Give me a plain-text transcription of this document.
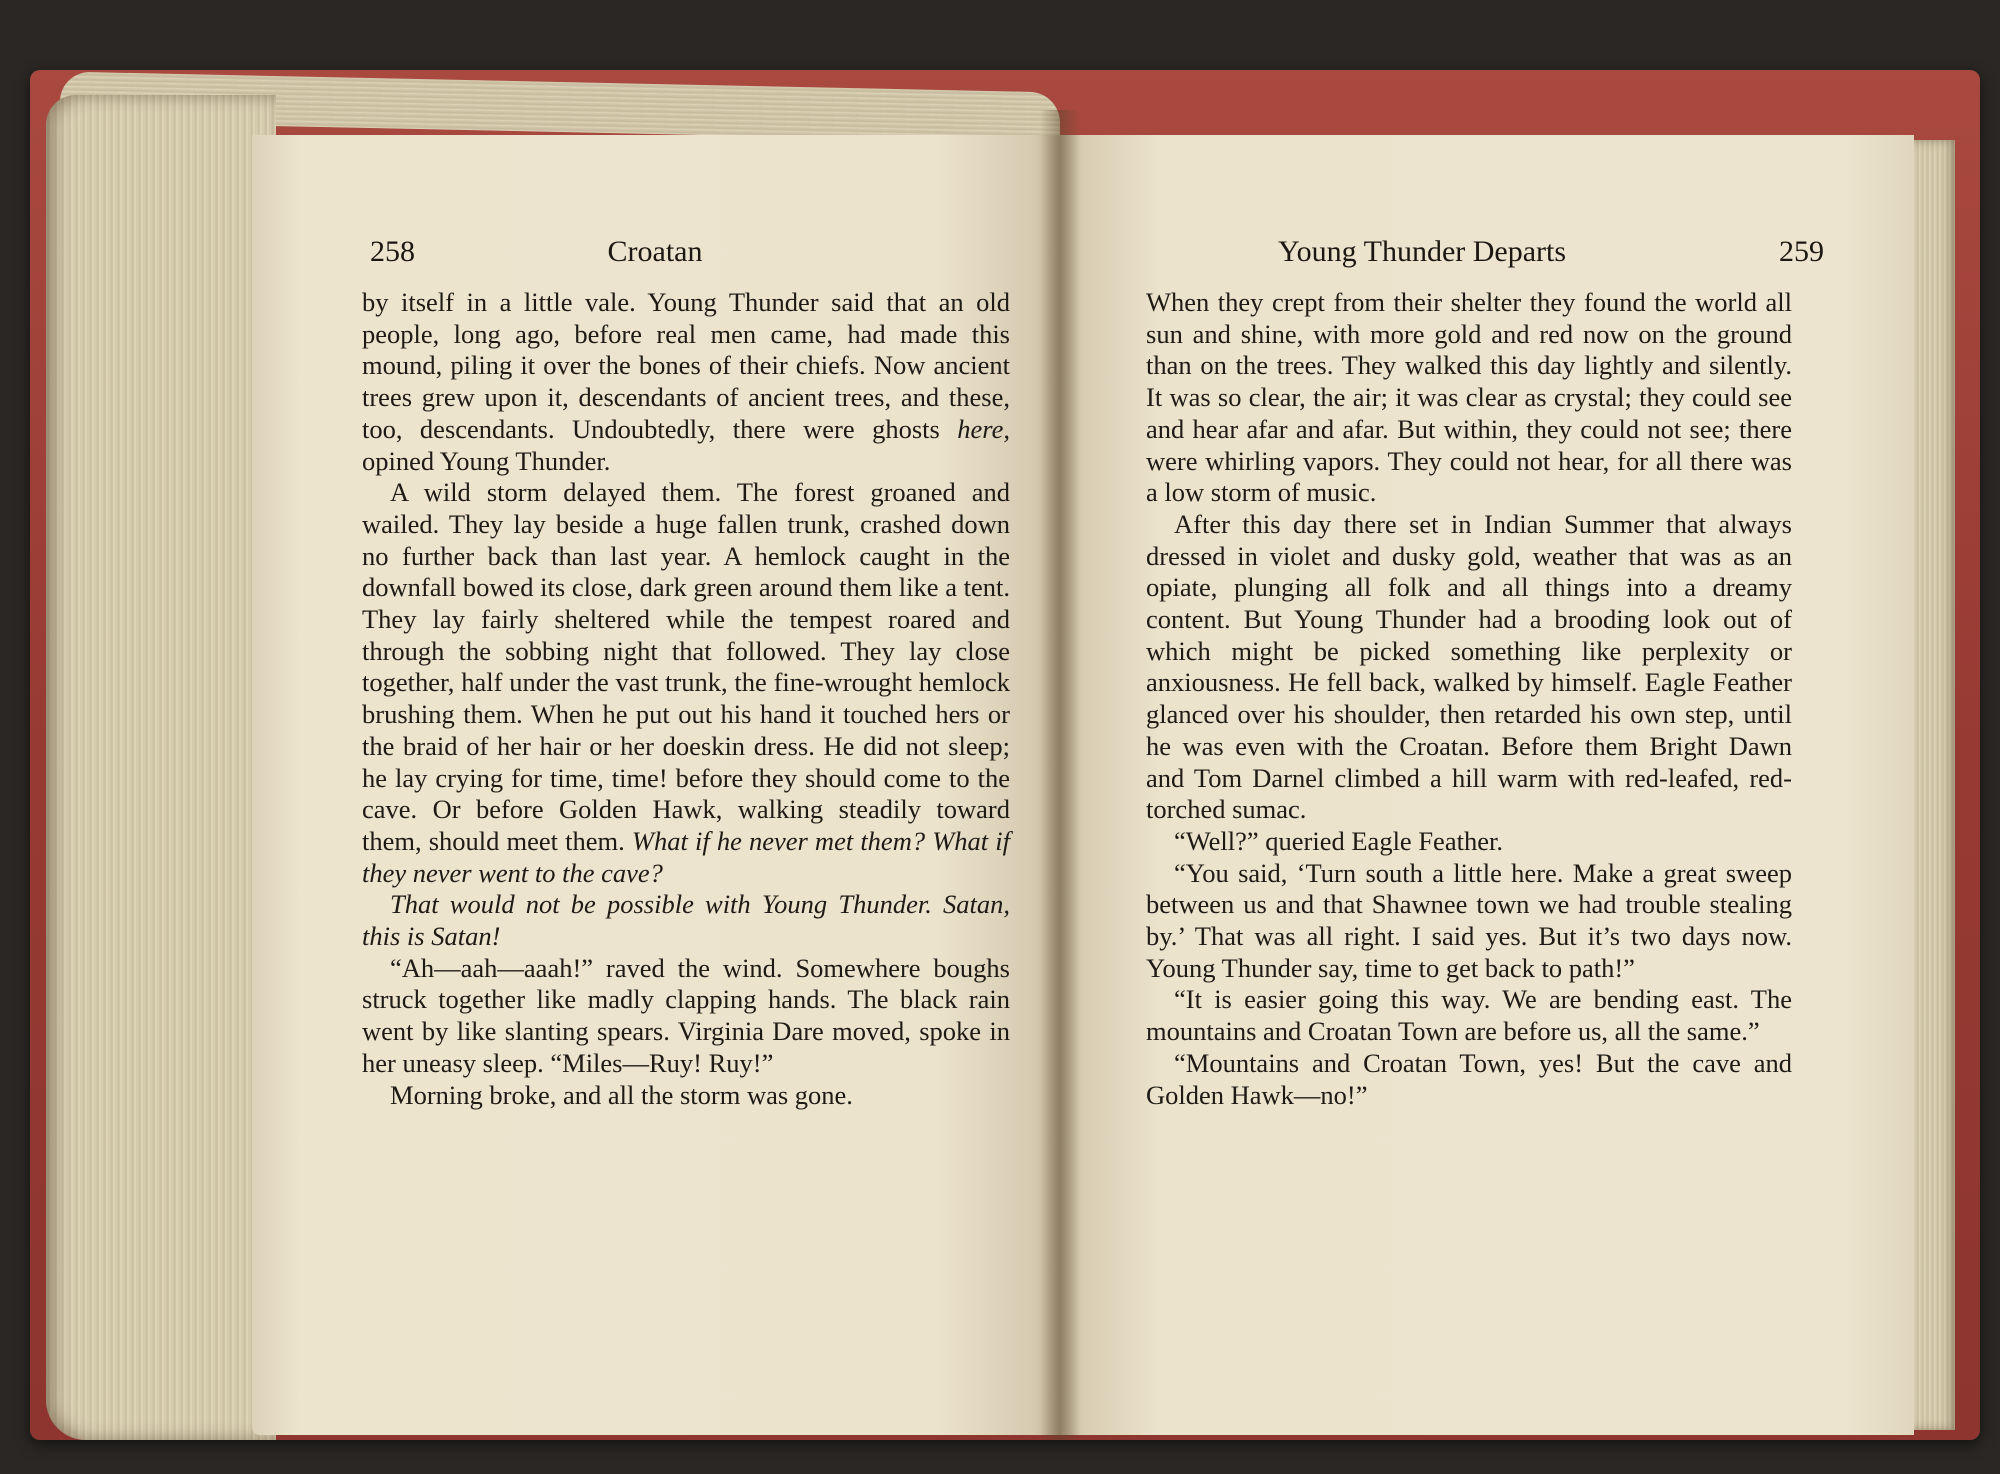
258	Croatan

by itself in a little vale. Young Thunder said that an old people, long ago, before real men came, had made this mound, piling it over the bones of their chiefs. Now ancient trees grew upon it, descendants of ancient trees, and these, too, descendants. Undoubtedly, there were ghosts here, opined Young Thunder.

A wild storm delayed them. The forest groaned and wailed. They lay beside a huge fallen trunk, crashed down no further back than last year. A hemlock caught in the downfall bowed its close, dark green around them like a tent. They lay fairly sheltered while the tempest roared and through the sobbing night that followed. They lay close together, half under the vast trunk, the fine-wrought hemlock brushing them. When he put out his hand it touched hers or the braid of her hair or her doeskin dress. He did not sleep; he lay crying for time, time! before they should come to the cave. Or before Golden Hawk, walking steadily toward them, should meet them. What if he never met them? What if they never went to the cave?

That would not be possible with Young Thunder. Satan, this is Satan!

“Ah—aah—aaah!” raved the wind. Somewhere boughs struck together like madly clapping hands. The black rain went by like slanting spears. Virginia Dare moved, spoke in her uneasy sleep. “Miles—Ruy! Ruy!”

Morning broke, and all the storm was gone.

Young Thunder Departs	259

When they crept from their shelter they found the world all sun and shine, with more gold and red now on the ground than on the trees. They walked this day lightly and silently. It was so clear, the air; it was clear as crystal; they could see and hear afar and afar. But within, they could not see; there were whirling vapors. They could not hear, for all there was a low storm of music.

After this day there set in Indian Summer that always dressed in violet and dusky gold, weather that was as an opiate, plunging all folk and all things into a dreamy content. But Young Thunder had a brooding look out of which might be picked something like perplexity or anxiousness. He fell back, walked by himself. Eagle Feather glanced over his shoulder, then retarded his own step, until he was even with the Croatan. Before them Bright Dawn and Tom Darnel climbed a hill warm with red-leafed, red-torched sumac.

“Well?” queried Eagle Feather.

“You said, ‘Turn south a little here. Make a great sweep between us and that Shawnee town we had trouble stealing by.’ That was all right. I said yes. But it’s two days now. Young Thunder say, time to get back to path!”

“It is easier going this way. We are bending east. The mountains and Croatan Town are before us, all the same.”

“Mountains and Croatan Town, yes! But the cave and Golden Hawk—no!”
